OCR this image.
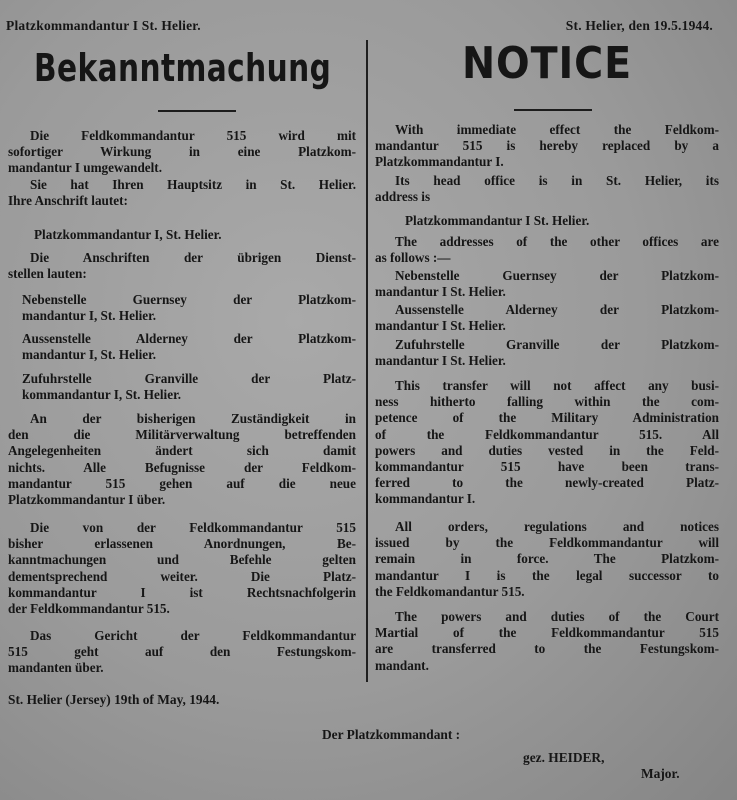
Platzkommandantur I St. Helier.	St. Helier, den 19.5.1944.
Bekanntmachung
Die Feldkommandantur 515 wird mit
sofortiger Wirkung in eine Platzkom-
mandantur I umgewandelt.
Sie hat Ihren Hauptsitz in St. Helier.
Ihre Anschrift lautet:
Platzkommandantur I, St. Helier.
Die Anschriften der übrigen Dienst-
stellen lauten:
Nebenstelle Guernsey der Platzkom-
mandantur I, St. Helier.
Aussenstelle Alderney der Platzkom-
mandantur I, St. Helier.
Zufuhrstelle Granville der Platz-
kommandantur I, St. Helier.
An der bisherigen Zuständigkeit in
den die Militärverwaltung betreffenden
Angelegenheiten ändert sich damit
nichts. Alle Befugnisse der Feldkom-
mandantur 515 gehen auf die neue
Platzkommandantur I über.
Die von der Feldkommandantur 515
bisher erlassenen Anordnungen, Be-
kanntmachungen und Befehle gelten
dementsprechend weiter. Die Platz-
kommandantur I ist Rechtsnachfolgerin
der Feldkommandantur 515.
Das Gericht der Feldkommandantur
515 geht auf den Festungskom-
mandanten über.
NOTICE
With immediate effect the Feldkom-
mandantur 515 is hereby replaced by a
Platzkommandantur I.
Its head office is in St. Helier, its
address is
Platzkommandantur I St. Helier.
The addresses of the other offices are
as follows :—
Nebenstelle Guernsey der Platzkom-
mandantur I St. Helier.
Aussenstelle Alderney der Platzkom-
mandantur I St. Helier.
Zufuhrstelle Granville der Platzkom-
mandantur I St. Helier.
This transfer will not affect any busi-
ness hitherto falling within the com-
petence of the Military Administration
of the Feldkommandantur 515. All
powers and duties vested in the Feld-
kommandantur 515 have been trans-
ferred to the newly-created Platz-
kommandantur I.
All orders, regulations and notices
issued by the Feldkommandantur will
remain in force. The Platzkom-
mandantur I is the legal successor to
the Feldkomandantur 515.
The powers and duties of the Court
Martial of the Feldkommandantur 515
are transferred to the Festungskom-
mandant.
St. Helier (Jersey) 19th of May, 1944.
Der Platzkommandant :
gez. HEIDER,
Major.
